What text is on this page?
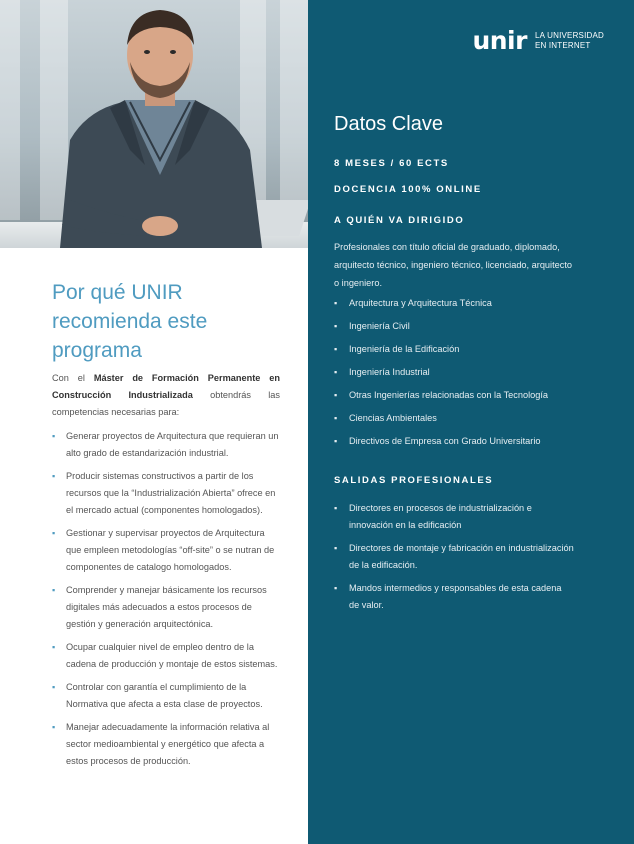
Por qué UNIR recomienda este programa
Con el Máster de Formación Permanente en Construcción Industrializada obtendrás las competencias necesarias para:
▪ Generar proyectos de Arquitectura que requieran un alto grado de estandarización industrial.
▪ Producir sistemas constructivos a partir de los recursos que la “Industrialización Abierta” ofrece en el mercado actual (componentes homologados).
▪ Gestionar y supervisar proyectos de Arquitectura que empleen metodologías “off-site” o se nutran de componentes de catalogo homologados.
▪ Comprender y manejar básicamente los recursos digitales más adecuados a estos procesos de gestión y generación arquitectónica.
▪ Ocupar cualquier nivel de empleo dentro de la cadena de producción y montaje de estos sistemas.
▪ Controlar con garantía el cumplimiento de la Normativa que afecta a esta clase de proyectos.
▪ Manejar adecuadamente la información relativa al sector medioambiental y energético que afecta a estos procesos de producción.
unir LA UNIVERSIDAD
EN INTERNET
Datos Clave
8 MESES / 60 ECTS
DOCENCIA 100% ONLINE
A QUIÉN VA DIRIGIDO
Profesionales con título oficial de graduado, diplomado, arquitecto técnico, ingeniero técnico, licenciado, arquitecto o ingeniero.
▪ Arquitectura y Arquitectura Técnica
▪ Ingeniería Civil
▪ Ingeniería de la Edificación
▪ Ingeniería Industrial
▪ Otras Ingenierías relacionadas con la Tecnología
▪ Ciencias Ambientales
▪ Directivos de Empresa con Grado Universitario
SALIDAS PROFESIONALES
▪ Directores en procesos de industrialización e innovación en la edificación
▪ Directores de montaje y fabricación en industrialización de la edificación.
▪ Mandos intermedios y responsables de esta cadena de valor.
